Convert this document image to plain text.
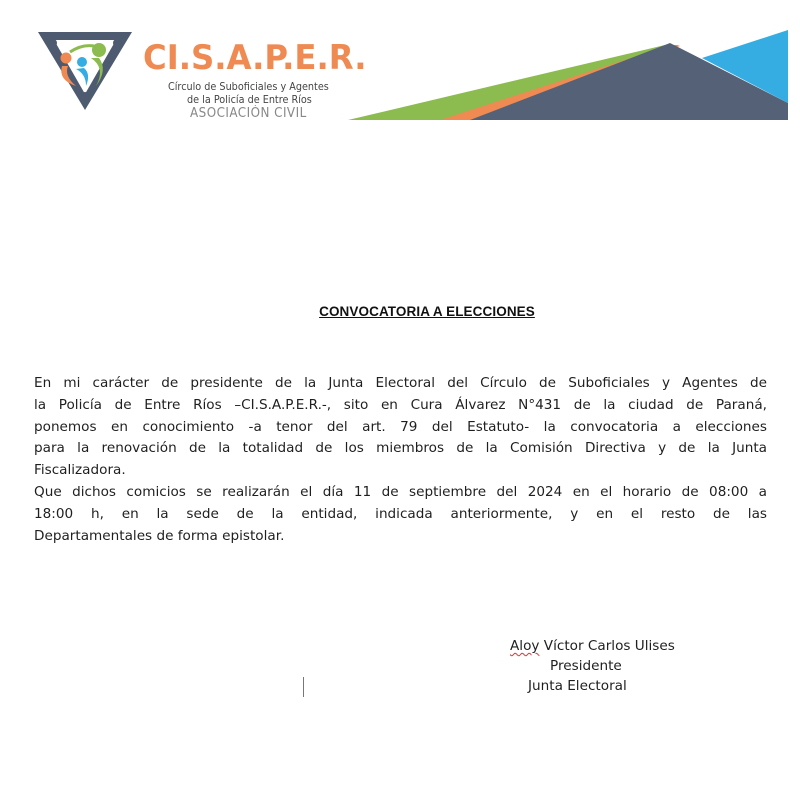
CI.S.A.P.E.R.
Círculo de Suboficiales y Agentes
de la Policía de Entre Ríos
ASOCIACIÓN CIVIL
CONVOCATORIA A ELECCIONES

En mi carácter de presidente de la Junta Electoral del Círculo de Suboficiales y Agentes de
la Policía de Entre Ríos –CI.S.A.P.E.R.-, sito en Cura Álvarez N°431 de la ciudad de Paraná,
ponemos en conocimiento -a tenor del art. 79 del Estatuto- la convocatoria a elecciones
para la renovación de la totalidad de los miembros de la Comisión Directiva y de la Junta
Fiscalizadora.

Que dichos comicios se realizarán el día 11 de septiembre del 2024 en el horario de 08:00 a
18:00 h, en la sede de la entidad, indicada anteriormente, y en el resto de las
Departamentales de forma epistolar.

Aloy Víctor Carlos Ulises
Presidente
Junta Electoral
